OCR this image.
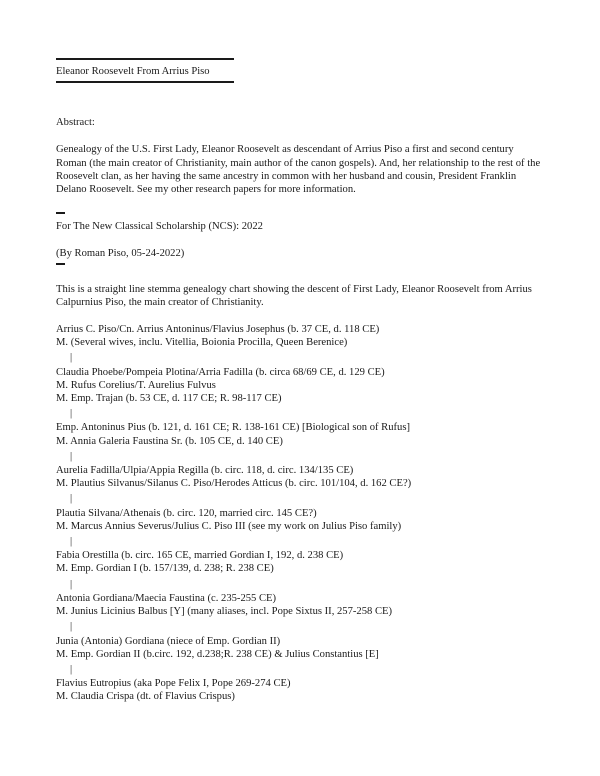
Eleanor Roosevelt From Arrius Piso
Abstract:
Genealogy of the U.S. First Lady, Eleanor Roosevelt as descendant of Arrius Piso a first and second century Roman (the main creator of Christianity, main author of the canon gospels). And, her relationship to the rest of the Roosevelt clan, as her having the same ancestry in common with her husband and cousin, President Franklin Delano Roosevelt. See my other research papers for more information.
For The New Classical Scholarship (NCS): 2022
(By Roman Piso, 05-24-2022)
This is a straight line stemma genealogy chart showing the descent of First Lady, Eleanor Roosevelt from Arrius Calpurnius Piso, the main creator of Christianity.
Arrius C. Piso/Cn. Arrius Antoninus/Flavius Josephus (b. 37 CE, d. 118 CE)
M. (Several wives, inclu. Vitellia, Boionia Procilla, Queen Berenice)
|
Claudia Phoebe/Pompeia Plotina/Arria Fadilla (b. circa 68/69 CE, d. 129 CE)
M. Rufus Corelius/T. Aurelius Fulvus
M. Emp. Trajan (b. 53 CE, d. 117 CE; R. 98-117 CE)
|
Emp. Antoninus Pius (b. 121, d. 161 CE; R. 138-161 CE) [Biological son of Rufus]
M. Annia Galeria Faustina Sr. (b. 105 CE, d. 140 CE)
|
Aurelia Fadilla/Ulpia/Appia Regilla (b. circ. 118, d. circ. 134/135 CE)
M. Plautius Silvanus/Silanus C. Piso/Herodes Atticus (b. circ. 101/104, d. 162 CE?)
|
Plautia Silvana/Athenais (b. circ. 120, married circ. 145 CE?)
M. Marcus Annius Severus/Julius C. Piso III (see my work on Julius Piso family)
|
Fabia Orestilla (b. circ. 165 CE, married Gordian I, 192, d. 238 CE)
M. Emp. Gordian I (b. 157/139, d. 238; R. 238 CE)
|
Antonia Gordiana/Maecia Faustina (c. 235-255 CE)
M. Junius Licinius Balbus [Y] (many aliases, incl. Pope Sixtus II, 257-258 CE)
|
Junia (Antonia) Gordiana (niece of Emp. Gordian II)
M. Emp. Gordian II (b.circ. 192, d.238;R. 238 CE) & Julius Constantius [E]
|
Flavius Eutropius (aka Pope Felix I, Pope 269-274 CE)
M. Claudia Crispa (dt. of Flavius Crispus)
